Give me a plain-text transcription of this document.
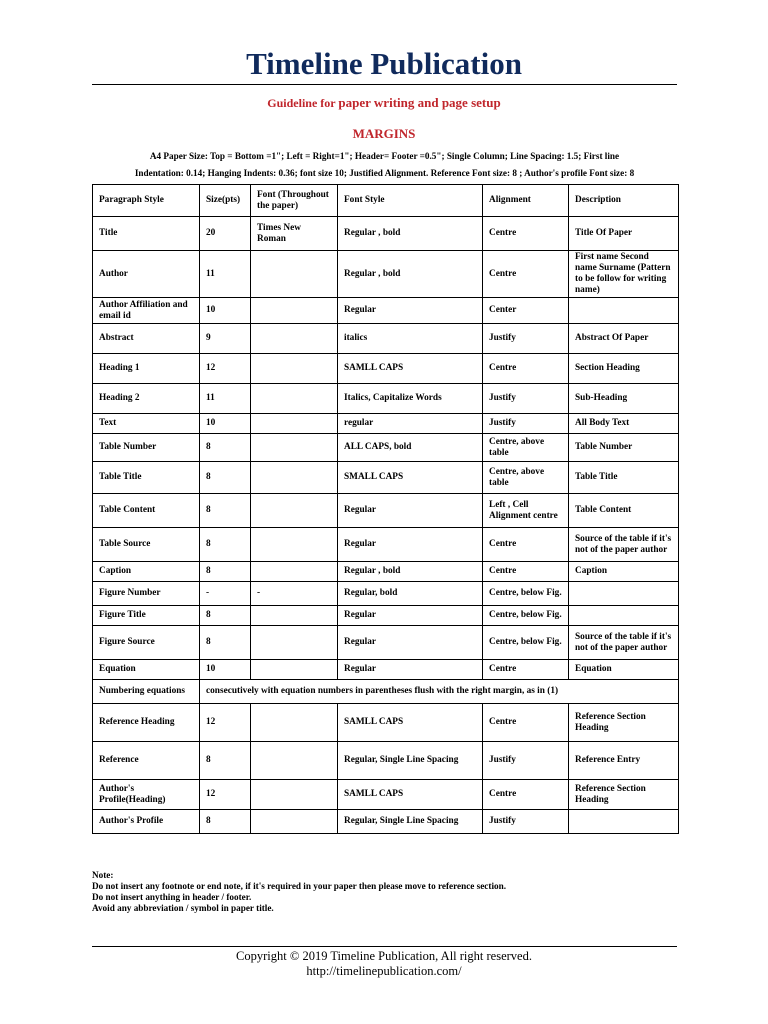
Timeline Publication
Guideline for paper writing and page setup
MARGINS
A4 Paper Size: Top = Bottom =1"; Left = Right=1"; Header= Footer =0.5"; Single Column; Line Spacing: 1.5; First line
Indentation: 0.14; Hanging Indents: 0.36; font size 10; Justified Alignment. Reference Font size: 8 ; Author's profile Font size: 8
Paragraph Style	Size(pts)	Font (Throughout the paper)	Font Style	Alignment	Description
Title	20	Times New Roman	Regular , bold	Centre	Title Of Paper
Author	11		Regular , bold	Centre	First name Second name Surname (Pattern to be follow for writing name)
Author Affiliation and email id	10		Regular	Center	
Abstract	9		italics	Justify	Abstract Of Paper
Heading 1	12		SAMLL CAPS	Centre	Section Heading
Heading 2	11		Italics, Capitalize Words	Justify	Sub-Heading
Text	10		regular	Justify	All Body Text
Table Number	8		ALL CAPS, bold	Centre, above table	Table Number
Table Title	8		SMALL CAPS	Centre, above table	Table Title
Table Content	8		Regular	Left , Cell Alignment centre	Table Content
Table Source	8		Regular	Centre	Source of the table if it's not of the paper author
Caption	8		Regular , bold	Centre	Caption
Figure Number	-	-	Regular, bold	Centre, below Fig.	
Figure Title	8		Regular	Centre, below Fig.	
Figure Source	8		Regular	Centre, below Fig.	Source of the table if it's not of the paper author
Equation	10		Regular	Centre	Equation
Numbering equations	consecutively with equation numbers in parentheses flush with the right margin, as in (1)				
Reference Heading	12		SAMLL CAPS	Centre	Reference Section Heading
Reference	8		Regular, Single Line Spacing	Justify	Reference Entry
Author's Profile(Heading)	12		SAMLL CAPS	Centre	Reference Section Heading
Author's Profile	8		Regular, Single Line Spacing	Justify	
Note:
Do not insert any footnote or end note, if it's required in your paper then please move to reference section.
Do not insert anything in header / footer.
Avoid any abbreviation / symbol in paper title.
Copyright © 2019 Timeline Publication, All right reserved.
http://timelinepublication.com/
